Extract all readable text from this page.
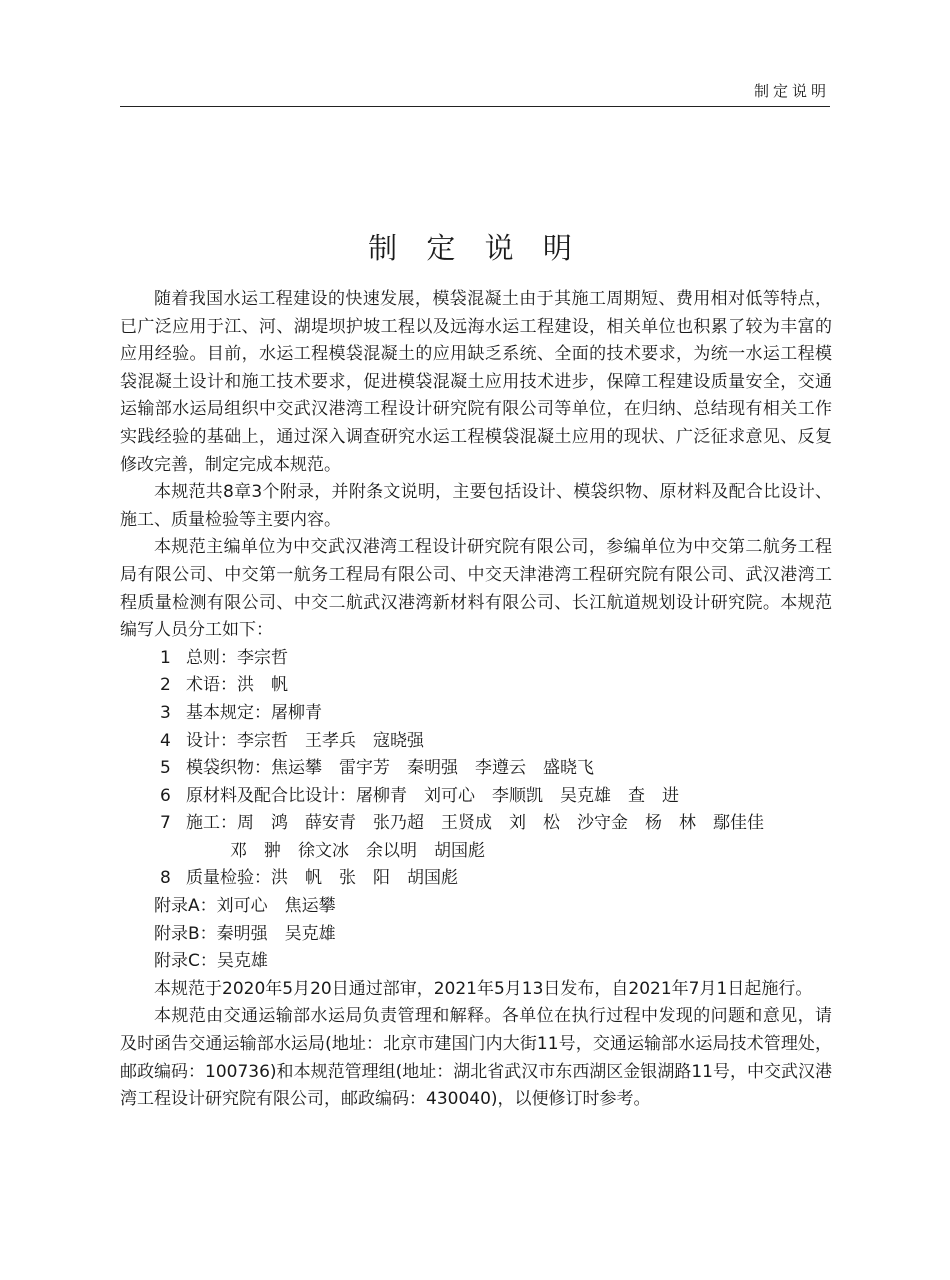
制定说明
制 定 说 明

随着我国水运工程建设的快速发展，模袋混凝土由于其施工周期短、费用相对低等特点，已广泛应用于江、河、湖堤坝护坡工程以及远海水运工程建设，相关单位也积累了较为丰富的应用经验。目前，水运工程模袋混凝土的应用缺乏系统、全面的技术要求，为统一水运工程模袋混凝土设计和施工技术要求，促进模袋混凝土应用技术进步，保障工程建设质量安全，交通运输部水运局组织中交武汉港湾工程设计研究院有限公司等单位，在归纳、总结现有相关工作实践经验的基础上，通过深入调查研究水运工程模袋混凝土应用的现状、广泛征求意见、反复修改完善，制定完成本规范。

本规范共8章3个附录，并附条文说明，主要包括设计、模袋织物、原材料及配合比设计、施工、质量检验等主要内容。

本规范主编单位为中交武汉港湾工程设计研究院有限公司，参编单位为中交第二航务工程局有限公司、中交第一航务工程局有限公司、中交天津港湾工程研究院有限公司、武汉港湾工程质量检测有限公司、中交二航武汉港湾新材料有限公司、长江航道规划设计研究院。本规范编写人员分工如下：

1 总则：李宗哲
2 术语：洪　帆
3 基本规定：屠柳青
4 设计：李宗哲　王孝兵　寇晓强
5 模袋织物：焦运攀　雷宇芳　秦明强　李遵云　盛晓飞
6 原材料及配合比设计：屠柳青　刘可心　李顺凯　吴克雄　查　进
7 施工：周　鸿　薛安青　张乃超　王贤成　刘　松　沙守金　杨　林　鄢佳佳
邓　翀　徐文冰　余以明　胡国彪
8 质量检验：洪　帆　张　阳　胡国彪
附录A：刘可心　焦运攀
附录B：秦明强　吴克雄
附录C：吴克雄

本规范于2020年5月20日通过部审，2021年5月13日发布，自2021年7月1日起施行。

本规范由交通运输部水运局负责管理和解释。各单位在执行过程中发现的问题和意见，请及时函告交通运输部水运局(地址：北京市建国门内大街11号，交通运输部水运局技术管理处，邮政编码：100736)和本规范管理组(地址：湖北省武汉市东西湖区金银湖路11号，中交武汉港湾工程设计研究院有限公司，邮政编码：430040)，以便修订时参考。
